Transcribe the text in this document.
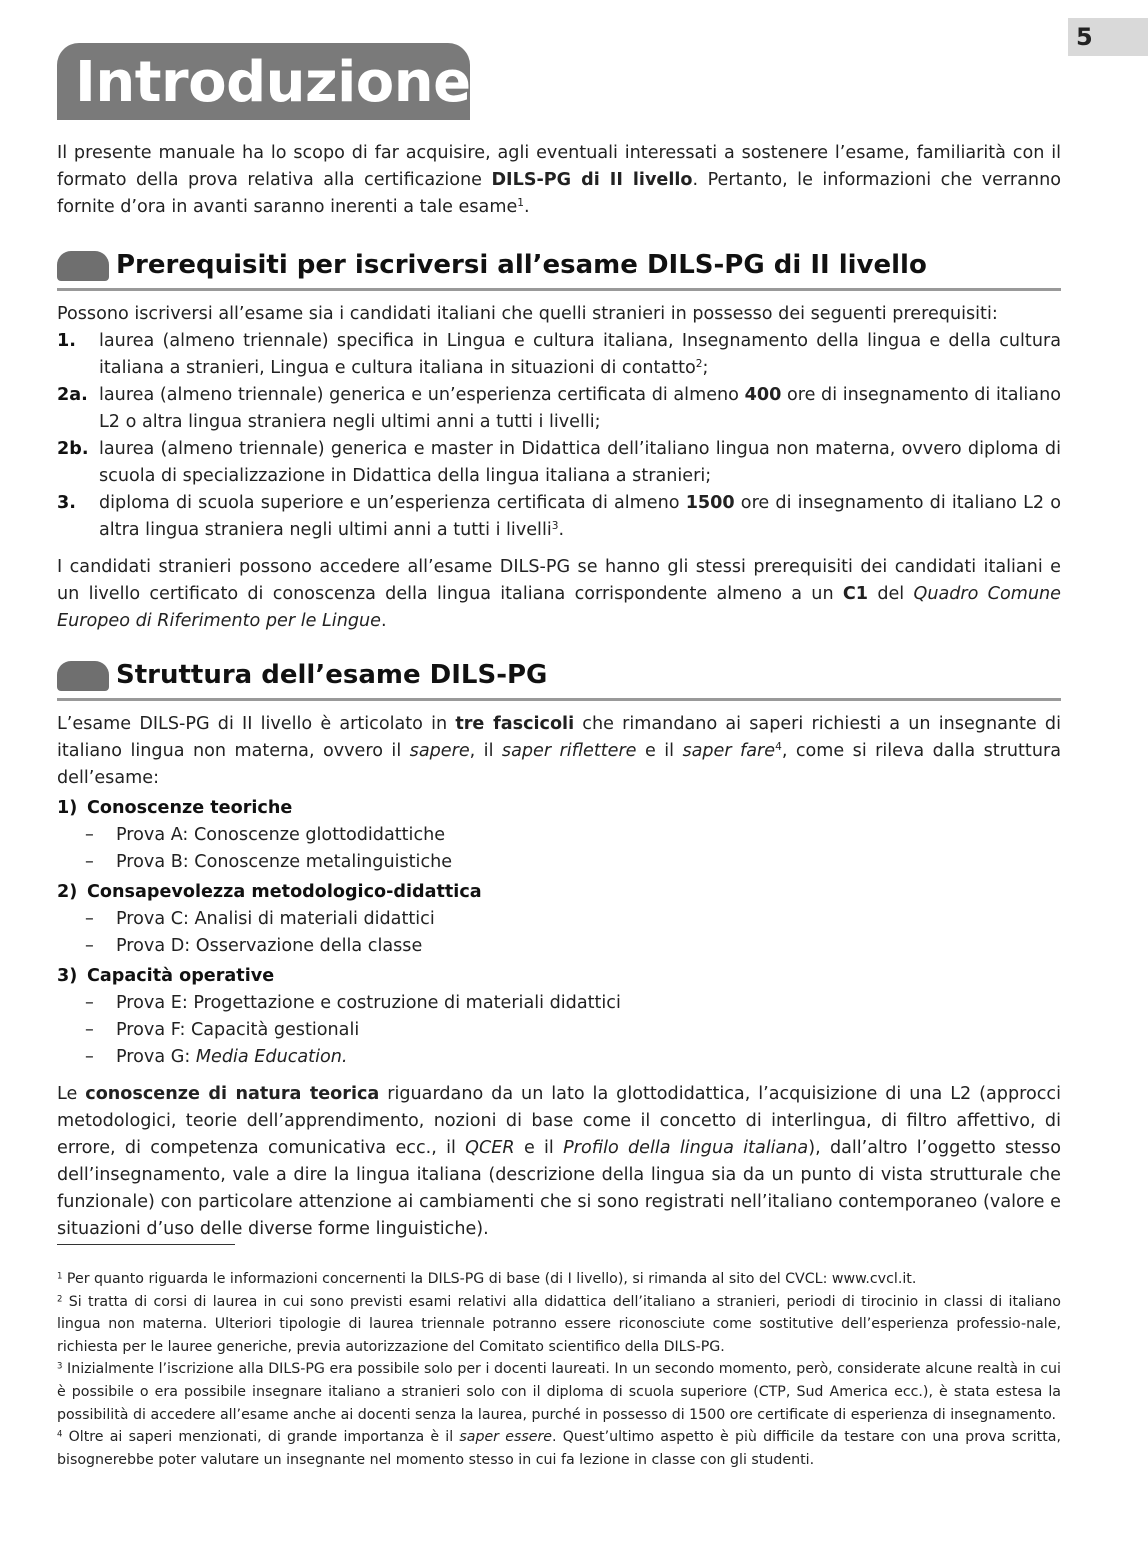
5
Introduzione

Il presente manuale ha lo scopo di far acquisire, agli eventuali interessati a sostenere l’esame, familiarità con il formato della prova relativa alla certificazione DILS-PG di II livello. Pertanto, le informazioni che verranno fornite d’ora in avanti saranno inerenti a tale esame$^1$.

Prerequisiti per iscriversi all’esame DILS-PG di II livello

Possono iscriversi all’esame sia i candidati italiani che quelli stranieri in possesso dei seguenti prerequisiti:

1.	laurea (almeno triennale) specifica in Lingua e cultura italiana, Insegnamento della lingua e della cultura italiana a stranieri, Lingua e cultura italiana in situazioni di contatto$^2$;
2a. laurea (almeno triennale) generica e un’esperienza certificata di almeno 400 ore di insegnamento di italiano L2 o altra lingua straniera negli ultimi anni a tutti i livelli;
2b. laurea (almeno triennale) generica e master in Didattica dell’italiano lingua non materna, ovvero diploma di scuola di specializzazione in Didattica della lingua italiana a stranieri;
3.	diploma di scuola superiore e un’esperienza certificata di almeno 1500 ore di insegnamento di italiano L2 o altra lingua straniera negli ultimi anni a tutti i livelli$^3$.

I candidati stranieri possono accedere all’esame DILS-PG se hanno gli stessi prerequisiti dei candidati italiani e un livello certificato di conoscenza della lingua italiana corrispondente almeno a un C1 del Quadro Comune Europeo di Riferimento per le Lingue.

Struttura dell’esame DILS-PG

L’esame DILS-PG di II livello è articolato in tre fascicoli che rimandano ai saperi richiesti a un insegnante di italiano lingua non materna, ovvero il sapere, il saper riflettere e il saper fare$^4$, come si rileva dalla struttura dell’esame:

1) Conoscenze teoriche
– Prova A: Conoscenze glottodidattiche
– Prova B: Conoscenze metalinguistiche
2) Consapevolezza metodologico-didattica
– Prova C: Analisi di materiali didattici
– Prova D: Osservazione della classe
3) Capacità operative
– Prova E: Progettazione e costruzione di materiali didattici
– Prova F: Capacità gestionali
– Prova G: Media Education.

Le conoscenze di natura teorica riguardano da un lato la glottodidattica, l’acquisizione di una L2 (approcci metodologici, teorie dell’apprendimento, nozioni di base come il concetto di interlingua, di filtro affettivo, di errore, di competenza comunicativa ecc., il QCER e il Profilo della lingua italiana), dall’altro l’oggetto stesso dell’insegnamento, vale a dire la lingua italiana (descrizione della lingua sia da un punto di vista strutturale che funzionale) con particolare attenzione ai cambiamenti che si sono registrati nell’italiano contemporaneo (valore e situazioni d’uso delle diverse forme linguistiche).

$^1$ Per quanto riguarda le informazioni concernenti la DILS-PG di base (di I livello), si rimanda al sito del CVCL: www.cvcl.it.

$^2$ Si tratta di corsi di laurea in cui sono previsti esami relativi alla didattica dell’italiano a stranieri, periodi di tirocinio in classi di italiano lingua non materna. Ulteriori tipologie di laurea triennale potranno essere riconosciute come sostitutive dell’esperienza professio-nale, richiesta per le lauree generiche, previa autorizzazione del Comitato scientifico della DILS-PG.

$^3$ Inizialmente l’iscrizione alla DILS-PG era possibile solo per i docenti laureati. In un secondo momento, però, considerate alcune realtà in cui è possibile o era possibile insegnare italiano a stranieri solo con il diploma di scuola superiore (CTP, Sud America ecc.), è stata estesa la possibilità di accedere all’esame anche ai docenti senza la laurea, purché in possesso di 1500 ore certificate di esperienza di insegnamento.

$^4$ Oltre ai saperi menzionati, di grande importanza è il saper essere. Quest’ultimo aspetto è più difficile da testare con una prova scritta, bisognerebbe poter valutare un insegnante nel momento stesso in cui fa lezione in classe con gli studenti.
